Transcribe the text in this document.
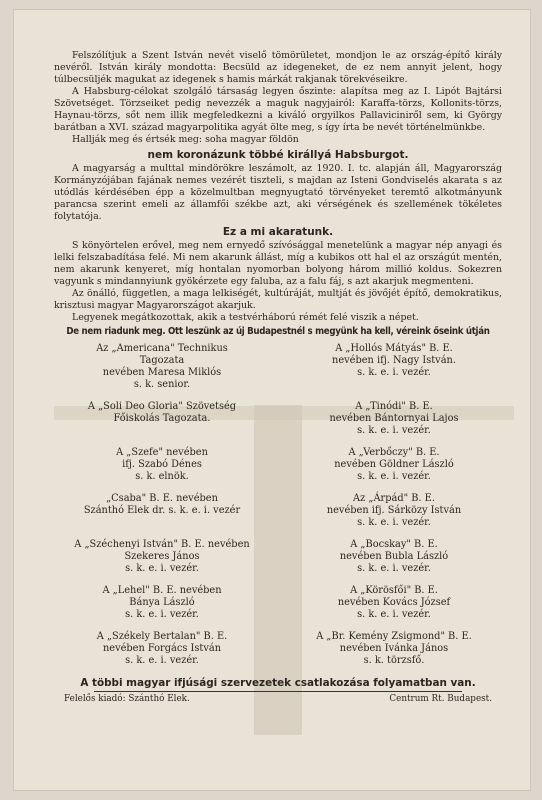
Felszólítjuk a Szent István nevét viselő tömörületet, mondjon le az ország-építő király nevéről. István király mondotta: Becsüld az idegeneket, de ez nem annyit jelent, hogy túlbecsüljék magukat az idegenek s hamis márkát rakjanak törekvéseikre.

A Habsburg-célokat szolgáló társaság legyen őszinte: alapítsa meg az I. Lipót Bajtársi Szövetséget. Törzseiket pedig nevezzék a maguk nagyjairól: Karaffa-törzs, Kollonits-törzs, Haynau-törzs, sőt nem illik megfeledkezni a kiváló orgyilkos Pallaviciniről sem, ki György barátban a XVI. század magyarpolitika agyát ölte meg, s így írta be nevét történelmünkbe.

Hallják meg és értsék meg: soha magyar földön

nem koronázunk többé királlyá Habsburgot.

A magyarság a multtal mindörökre leszámolt, az 1920. I. tc. alapján áll, Magyarország Kormányzójában fajának nemes vezérét tiszteli, s majdan az Isteni Gondviselés akarata s az utódlás kérdésében épp a közelmultban megnyugtató törvényeket teremtő alkotmányunk parancsa szerint emeli az államfői székbe azt, aki vérségének és szellemének tökéletes folytatója.

Ez a mi akaratunk.

S könyörtelen erővel, meg nem ernyedő szívósággal menetelünk a magyar nép anyagi és lelki felszabadítása felé. Mi nem akarunk állást, míg a kubikos ott hal el az országút mentén, nem akarunk kenyeret, míg hontalan nyomorban bolyong három millió koldus. Sokezren vagyunk s mindannyiunk gyökérzete egy faluba, az a falu fáj, s azt akarjuk megmenteni.

Az önálló, független, a maga lelkiségét, kultúráját, multját és jövőjét építő, demokratikus, krisztusi magyar Magyarországot akarjuk.

Legyenek megátkozottak, akik a testvérháború rémét felé viszik a népet.

De nem riadunk meg. Ott leszünk az új Budapestnél s megyünk ha kell, véreink őseink útján
Az „Americana" Technikus
Tagozata
nevében Maresa Miklós
s. k. senior.
A „Hollós Mátyás" B. E.
nevében ifj. Nagy István.
s. k. e. i. vezér.
A „Soli Deo Gloria" Szövetség
Főiskolás Tagozata.
A „Tinódi" B. E.
nevében Bántornyai Lajos
s. k. e. i. vezér.
A „Szefe" nevében
ifj. Szabó Dénes
s. k. elnök.
A „Verbőczy" B. E.
nevében Göldner László
s. k. e. i. vezér.
„Csaba" B. E. nevében
Szánthó Elek dr. s. k. e. i. vezér
Az „Árpád" B. E.
nevében ifj. Sárközy István
s. k. e. i. vezér.
A „Széchenyi István" B. E. nevében Szekeres János
s. k. e. i. vezér.
A „Bocskay" B. E.
nevében Bubla László
s. k. e. i. vezér.
A „Lehel" B. E. nevében
Bánya László
s. k. e. i. vezér.
A „Körösfői" B. E.
nevében Kovács József
s. k. e. i. vezér.
A „Székely Bertalan" B. E.
nevében Forgács István
s. k. e. i. vezér.
A „Br. Kemény Zsigmond" B. E.
nevében Ivánka János
s. k. törzsfő.
A többi magyar ifjúsági szervezetek csatlakozása folyamatban van.
Felelős kiadó: Szánthó Elek.	Centrum Rt. Budapest.
